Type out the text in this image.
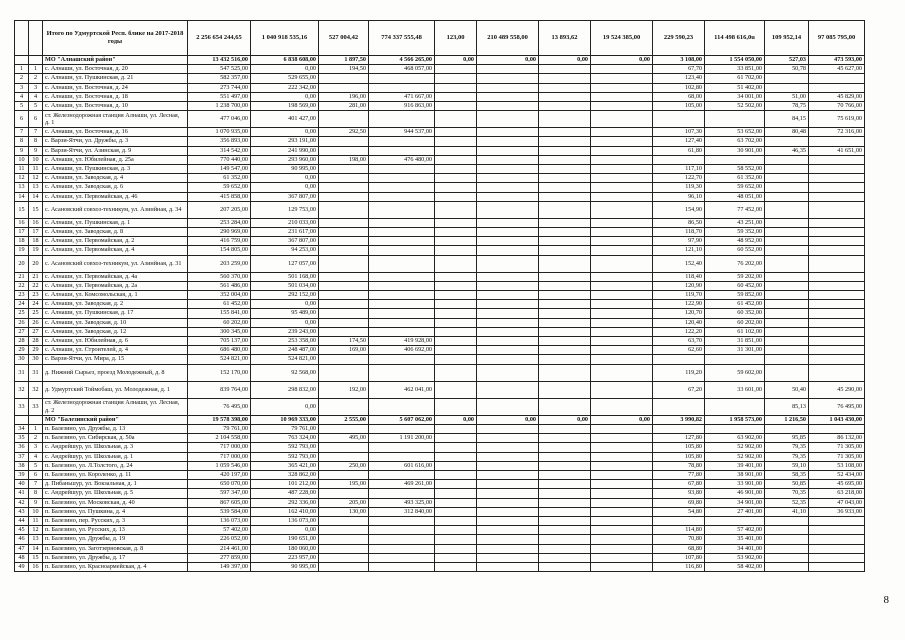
		Итого по Удмуртской Респ. блике на 2017-2018 годы	2 256 654 244,65	1 040 918 535,16	527 004,42	774 337 555,48	123,00	210 489 558,00	13 893,62	19 524 385,00	229 590,23	114 498 616,0u	109 952,14	97 085 795,00
		МО "Алнашский район"	13 432 516,00	6 838 608,00	1 897,50	4 566 265,00	0,00	0,00	0,00	0,00	3 108,00	1 554 050,00	527,03	473 593,00
1	1	с. Алнаши, ул. Восточная, д. 20	547 525,00	0,00	194,50	468 057,00					67,70	33 851,00	50,78	45 627,00
2	2	с. Алнаши, ул. Пушкинская, д. 21	582 357,00	529 655,00							123,40	61 702,00		
3	3	с. Алнаши, ул. Восточная, д. 24	273 744,00	222 342,00							102,80	51 402,00		
4	4	с. Алнаши, ул. Восточная, д. 18	551 497,00	0,00	196,00	471 667,00					68,00	34 001,00	51,00	45 829,00
5	5	с. Алнаши, ул. Восточная, д. 10	1 238 700,00	198 569,00	281,00	916 863,00					105,00	52 502,00	78,75	70 766,00
6	6	ст. Железнодорожная станция Алнаши, ул. Лесная, д. 1	477 046,00	401 427,00									84,15	75 619,00
7	7	с. Алнаши, ул. Восточная, д. 16	1 070 935,00	0,00	292,50	944 537,00					107,30	53 652,00	80,48	72 316,00
8	8	с. Варзи-Ятчи, ул. Дружбы, д. 3	356 893,00	293 191,00							127,40	63 702,00		
9	9	с. Варзи-Ятчи, ул. Азинская, д. 9	314 542,00	241 990,00							61,80	30 901,00	46,35	41 651,00
10	10	с. Алнаши, ул. Юбилейная, д. 25а	770 440,00	293 960,00	198,00	476 480,00								
11	11	с. Алнаши, ул. Пушкинская, д. 3	149 547,00	90 995,00							117,10	58 552,00		
12	12	с. Алнаши, ул. Заводская, д. 4	61 352,00	0,00							122,70	61 352,00		
13	13	с. Алнаши, ул. Заводская, д. 6	59 652,00	0,00							119,30	59 652,00		
14	14	с. Алнаши, ул. Первомайская, д. 46	415 858,00	367 807,00							96,10	48 051,00		
15	15	с. Асановский совхоз-техникум, ул. Азинйная, д. 34	207 205,00	129 753,00							154,90	77 452,00		
16	16	с. Алнаши, ул. Пушкинская, д. 1	253 284,00	210 033,00							86,50	43 251,00		
17	17	с. Алнаши, ул. Заводская, д. 8	290 969,00	231 617,00							118,70	59 352,00		
18	18	с. Алнаши, ул. Первомайская, д. 2	416 759,00	367 807,00							97,90	48 952,00		
19	19	с. Алнаши, ул. Первомайская, д. 4	154 805,00	94 253,00							121,10	60 552,00		
20	20	с. Асановский совхоз-техникум, ул. Азинйная, д. 31	203 259,00	127 057,00							152,40	76 202,00		
21	21	с. Алнаши, ул. Первомайская, д. 4а	560 370,00	501 168,00							118,40	59 202,00		
22	22	с. Алнаши, ул. Первомайская, д. 2а	561 486,00	501 034,00							120,90	60 452,00		
23	23	с. Алнаши, ул. Комсомольская, д. 1	352 004,00	292 152,00							119,70	59 852,00		
24	24	с. Алнаши, ул. Заводская, д. 2	61 452,00	0,00							122,90	61 452,00		
25	25	с. Алнаши, ул. Пушкинская, д. 17	155 841,00	95 489,00							120,70	60 352,00		
26	26	с. Алнаши, ул. Заводская, д. 10	60 202,00	0,00							120,40	60 202,00		
27	27	с. Алнаши, ул. Заводская, д. 12	300 345,00	239 243,00							122,20	61 102,00		
28	28	с. Алнаши, ул. Юбилейная, д. 6	705 137,00	253 358,00	174,50	419 928,00					63,70	31 851,00		
29	29	с. Алнаши, ул. Строителей, д. 4	686 480,00	248 487,00	169,00	406 692,00					62,60	31 301,00		
30	30	с. Варзи-Ятчи, ул. Мира, д. 15	524 821,00	524 821,00										
31	31	д. Нижний Сырьез, проезд Молодежный, д. 8	152 170,00	92 568,00							119,20	59 602,00		
32	32	д. Удмуртский Тоймобаш, ул. Молодежная, д. 1	839 764,00	298 832,00	192,00	462 041,00					67,20	33 601,00	50,40	45 290,00
33	33	ст. Железнодорожная станция Алнаши, ул. Лесная, д. 2	76 495,00	0,00									85,13	76 495,00
		МО "Балезинский район"	19 578 398,00	10 969 333,00	2 555,00	5 607 062,00	0,00	0,00	0,00	0,00	3 990,82	1 958 573,00	1 216,50	1 043 430,00
34	1	п. Балезино, ул. Дружбы, д. 13	79 761,00	79 761,00										
35	2	п. Балезино, ул. Сибирская, д. 50а	2 104 558,00	763 324,00	495,00	1 191 200,00					127,80	63 902,00	95,85	86 132,00
36	3	с. Андрейшур, ул. Школьная, д. 3	717 000,00	592 793,00							105,80	52 902,00	79,35	71 305,00
37	4	с. Андрейшур, ул. Школьная, д. 1	717 000,00	592 793,00							105,80	52 902,00	79,35	71 305,00
38	5	п. Балезино, ул. Л.Толстого, д. 24	1 059 546,00	365 421,00	250,00	601 616,00					78,80	39 401,00	59,10	53 108,00
39	6	п. Балезино, ул. Короленко, д. 11	420 197,00	328 862,00							77,80	38 901,00	58,35	52 434,00
40	7	д. Пибаньшур, ул. Вокзальная, д. 1	650 070,00	101 212,00	195,00	469 261,00					67,80	33 901,00	50,85	45 695,00
41	8	с. Андрейшур, ул. Школьная, д. 5	597 347,00	487 228,00							93,80	46 901,00	70,35	63 218,00
42	9	п. Балезино, ул. Московская, д. 40	867 605,00	292 336,00	205,00	493 325,00					69,80	34 901,00	52,35	47 043,00
43	10	п. Балезино, ул. Пушкина, д. 4	539 584,00	162 410,00	130,00	312 840,00					54,80	27 401,00	41,10	36 933,00
44	11	п. Балезино, пер. Русских, д. 3	136 073,00	136 073,00										
45	12	п. Балезино, ул. Русских, д. 13	57 402,00	0,00							114,80	57 402,00		
46	13	п. Балезино, ул. Дружбы, д. 19	226 052,00	190 651,00							70,80	35 401,00		
47	14	п. Балезино, ул. Заготзерновская, д. 8	214 461,00	180 060,00							68,80	34 401,00		
48	15	п. Балезино, ул. Дружбы, д. 17	277 859,00	223 957,00							107,80	53 902,00		
49	16	п. Балезино, ул. Красноармейская, д. 4	149 397,00	90 995,00							116,80	58 402,00		
8
